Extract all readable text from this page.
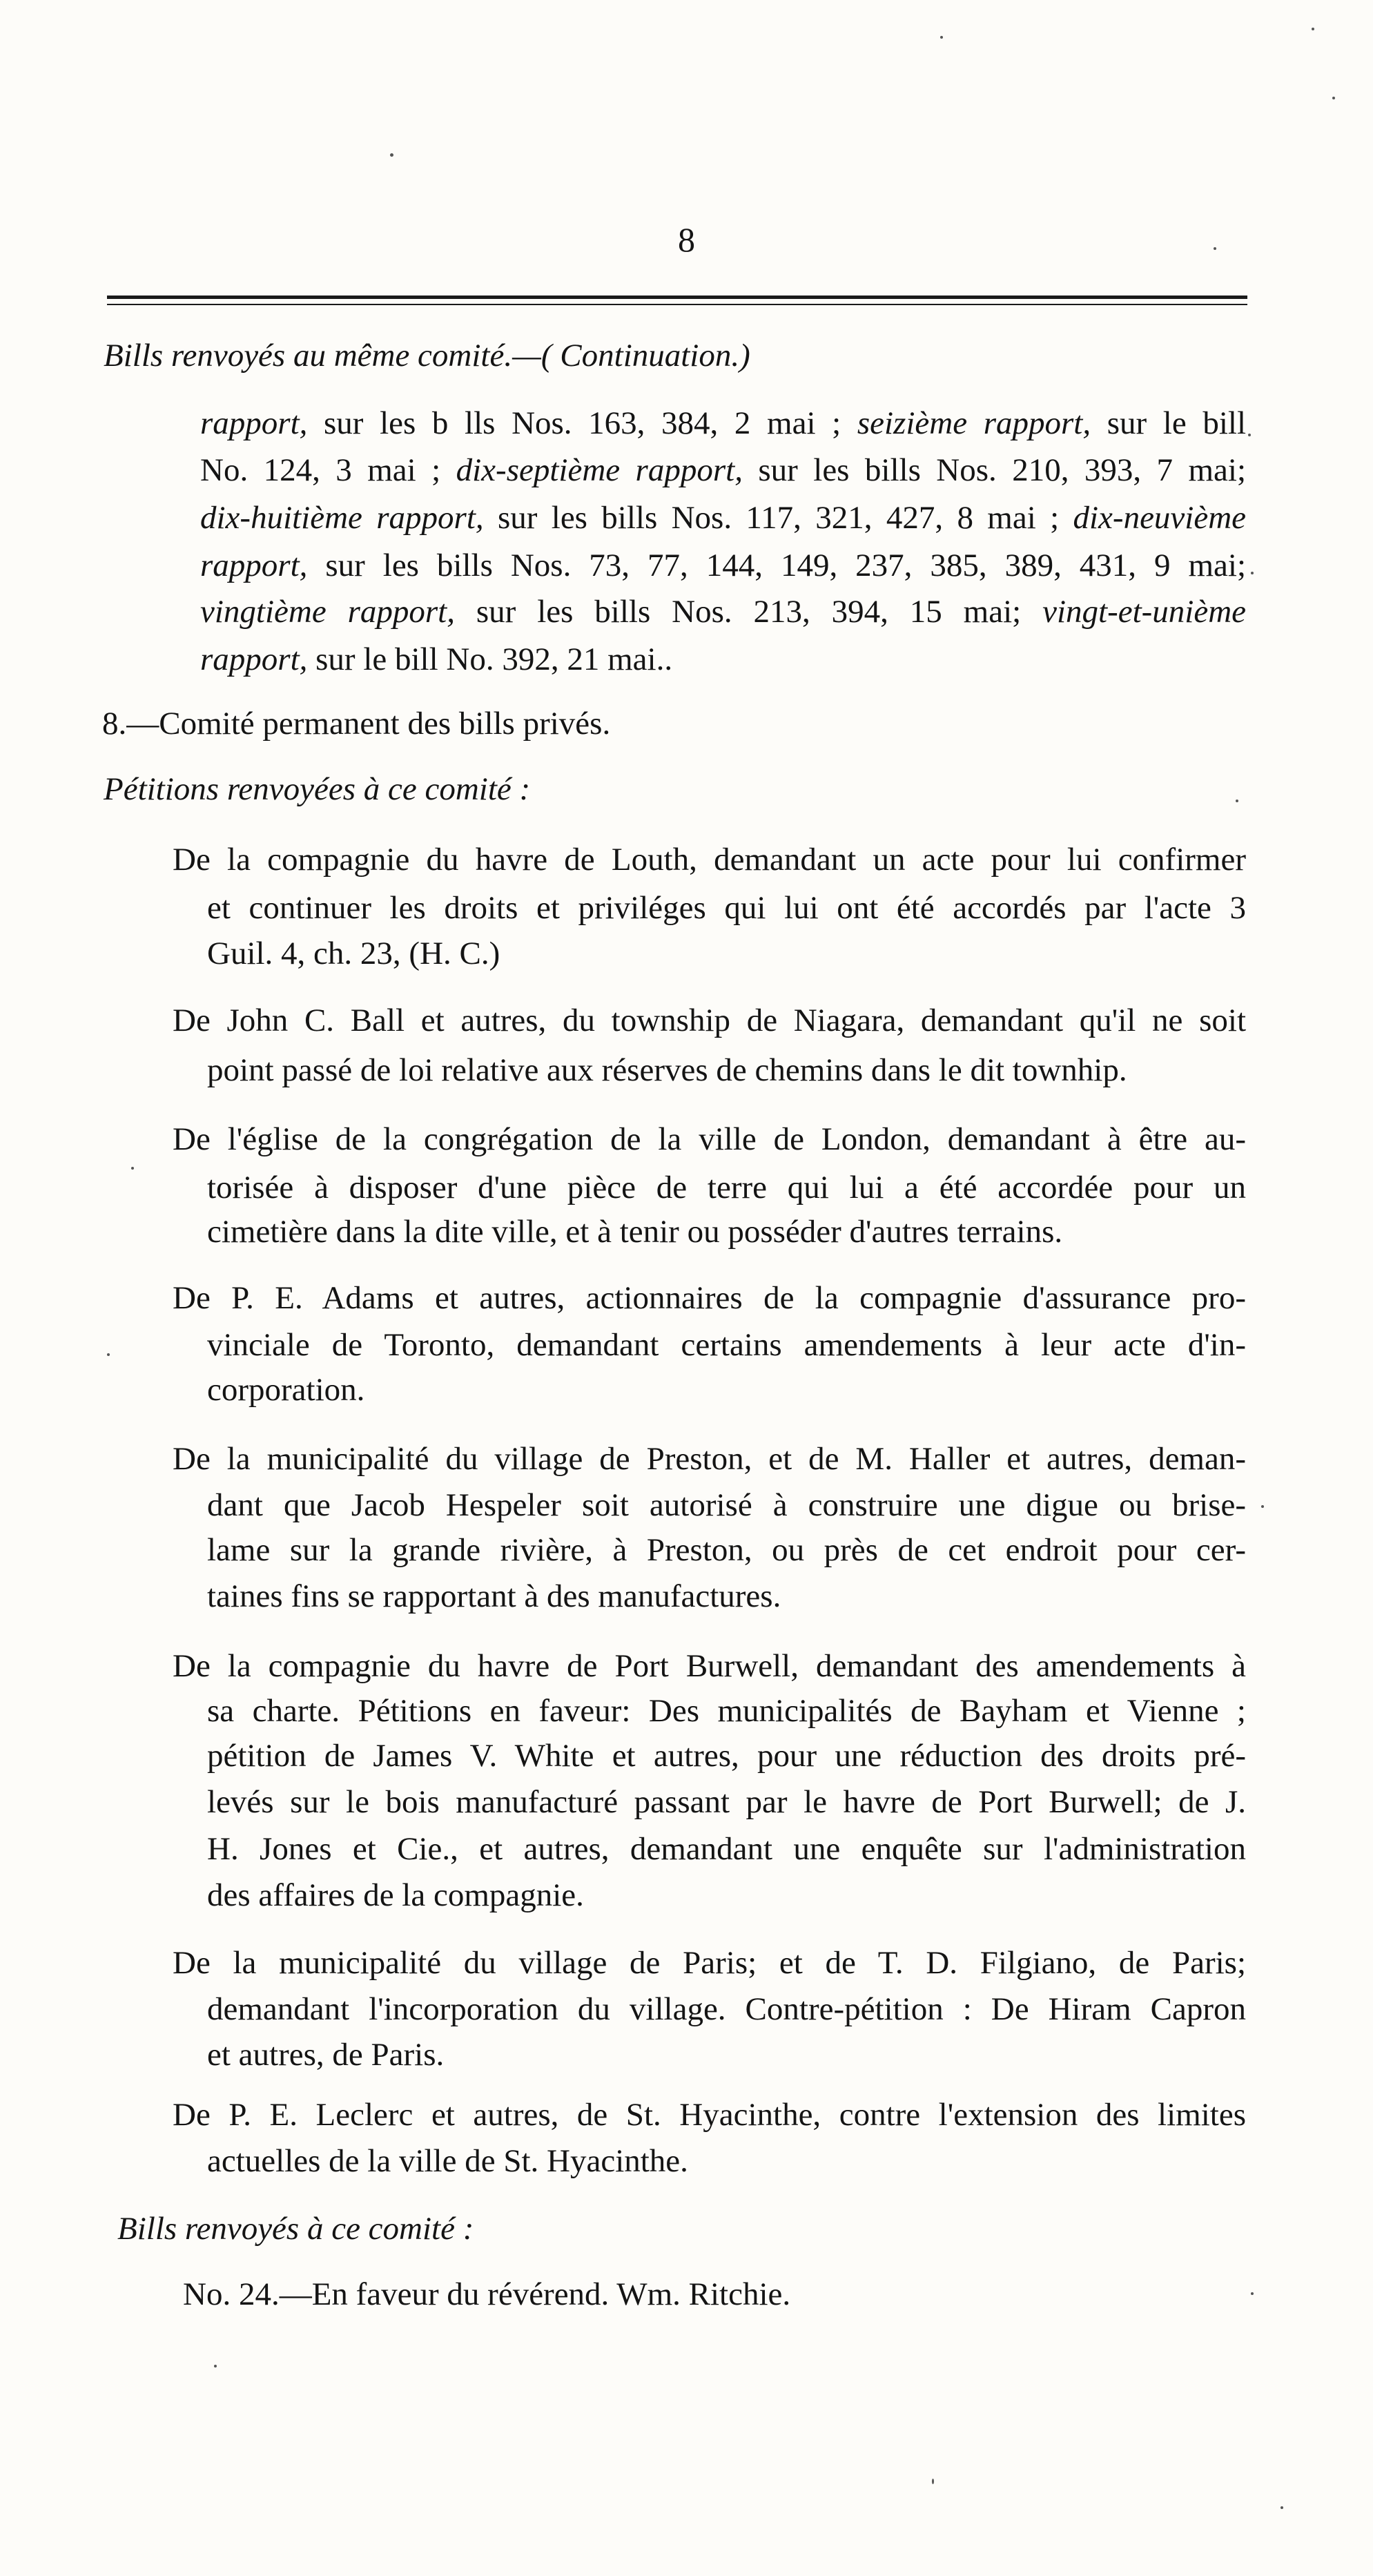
8
Bills renvoyés au même comité.—( Continuation.)
rapport, sur les b lls Nos. 163, 384, 2 mai ; seizième rapport, sur le bill
No. 124, 3 mai ; dix-septième rapport, sur les bills Nos. 210, 393, 7 mai;
dix-huitième rapport, sur les bills Nos. 117, 321, 427, 8 mai ; dix-neuvième
rapport, sur les bills Nos. 73, 77, 144, 149, 237, 385, 389, 431, 9 mai;
vingtième rapport, sur les bills Nos. 213, 394, 15 mai; vingt-et-unième
rapport, sur le bill No. 392, 21 mai..
8.—Comité permanent des bills privés.
Pétitions renvoyées à ce comité :
De la compagnie du havre de Louth, demandant un acte pour lui confirmer
et continuer les droits et priviléges qui lui ont été accordés par l'acte 3
Guil. 4, ch. 23, (H. C.)
De John C. Ball et autres, du township de Niagara, demandant qu'il ne soit
point passé de loi relative aux réserves de chemins dans le dit townhip.
De l'église de la congrégation de la ville de London, demandant à être au-
torisée à disposer d'une pièce de terre qui lui a été accordée pour un
cimetière dans la dite ville, et à tenir ou posséder d'autres terrains.
De P. E. Adams et autres, actionnaires de la compagnie d'assurance pro-
vinciale de Toronto, demandant certains amendements à leur acte d'in-
corporation.
De la municipalité du village de Preston, et de M. Haller et autres, deman-
dant que Jacob Hespeler soit autorisé à construire une digue ou brise-
lame sur la grande rivière, à Preston, ou près de cet endroit pour cer-
taines fins se rapportant à des manufactures.
De la compagnie du havre de Port Burwell, demandant des amendements à
sa charte. Pétitions en faveur: Des municipalités de Bayham et Vienne ;
pétition de James V. White et autres, pour une réduction des droits pré-
levés sur le bois manufacturé passant par le havre de Port Burwell; de J.
H. Jones et Cie., et autres, demandant une enquête sur l'administration
des affaires de la compagnie.
De la municipalité du village de Paris; et de T. D. Filgiano, de Paris;
demandant l'incorporation du village. Contre-pétition : De Hiram Capron
et autres, de Paris.
De P. E. Leclerc et autres, de St. Hyacinthe, contre l'extension des limites
actuelles de la ville de St. Hyacinthe.
Bills renvoyés à ce comité :
No. 24.—En faveur du révérend. Wm. Ritchie.
